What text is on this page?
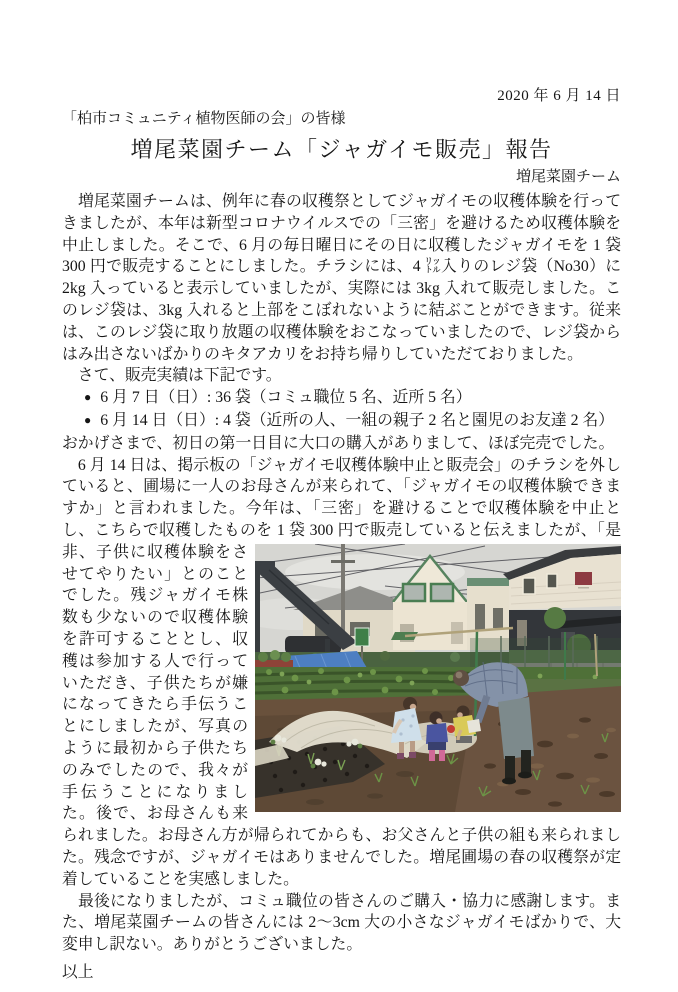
2020 年 6 月 14 日
「柏市コミュニティ植物医師の会」の皆様
増尾菜園チーム「ジャガイモ販売」報告
増尾菜園チーム

　増尾菜園チームは、例年に春の収穫祭としてジャガイモの収穫体験を行ってきましたが、本年は新型コロナウイルスでの「三密」を避けるため収穫体験を中止しました。そこで、6 月の毎日曜日にその日に収穫したジャガイモを 1 袋 300 円で販売することにしました。チラシには、4 ㍑入りのレジ袋（No30）に 2kg 入っていると表示していましたが、実際には 3kg 入れて販売しました。このレジ袋は、3kg 入れると上部をこぼれないように結ぶことができます。従来は、このレジ袋に取り放題の収穫体験をおこなっていましたので、レジ袋からはみ出さないばかりのキタアカリをお持ち帰りしていただておりました。

　さて、販売実績は下記です。

● 6 月 7 日（日）: 36 袋（コミュ職位 5 名、近所 5 名）
● 6 月 14 日（日）: 4 袋（近所の人、一組の親子 2 名と園児のお友達 2 名）

おかげさまで、初日の第一日目に大口の購入がありまして、ほぼ完売でした。

　6 月 14 日は、掲示板の「ジャガイモ収穫体験中止と販売会」のチラシを外していると、圃場に一人のお母さんが来られて、「ジャガイモの収穫体験できますか」と言われました。今年は、「三密」を避けることで収穫体験を中止とし、こちらで収穫したものを 1 袋 300 円で販売していると伝えましたが、「是非、子供
に収穫体験をさせてやりたい」とのことでした。残ジャガイモ株数も少ないので収穫体験を許可することとし、収穫は参加する人で行っていただき、子供たちが嫌になってきたら手伝うことにしましたが、写真のように最初から子供たちのみでしたので、我々が手伝うことになりました。後で、お母さんも来られました。お母さん方が帰られてからも、お父さんと子供の組も来られました。残念ですが、ジャガイモはありませんでした。増尾圃場の春の収穫祭が定着していることを実感しました。

　最後になりましたが、コミュ職位の皆さんのご購入・協力に感謝します。また、増尾菜園チームの皆さんには 2～3cm 大の小さなジャガイモばかりで、大変申し訳ない。ありがとうございました。

以上
